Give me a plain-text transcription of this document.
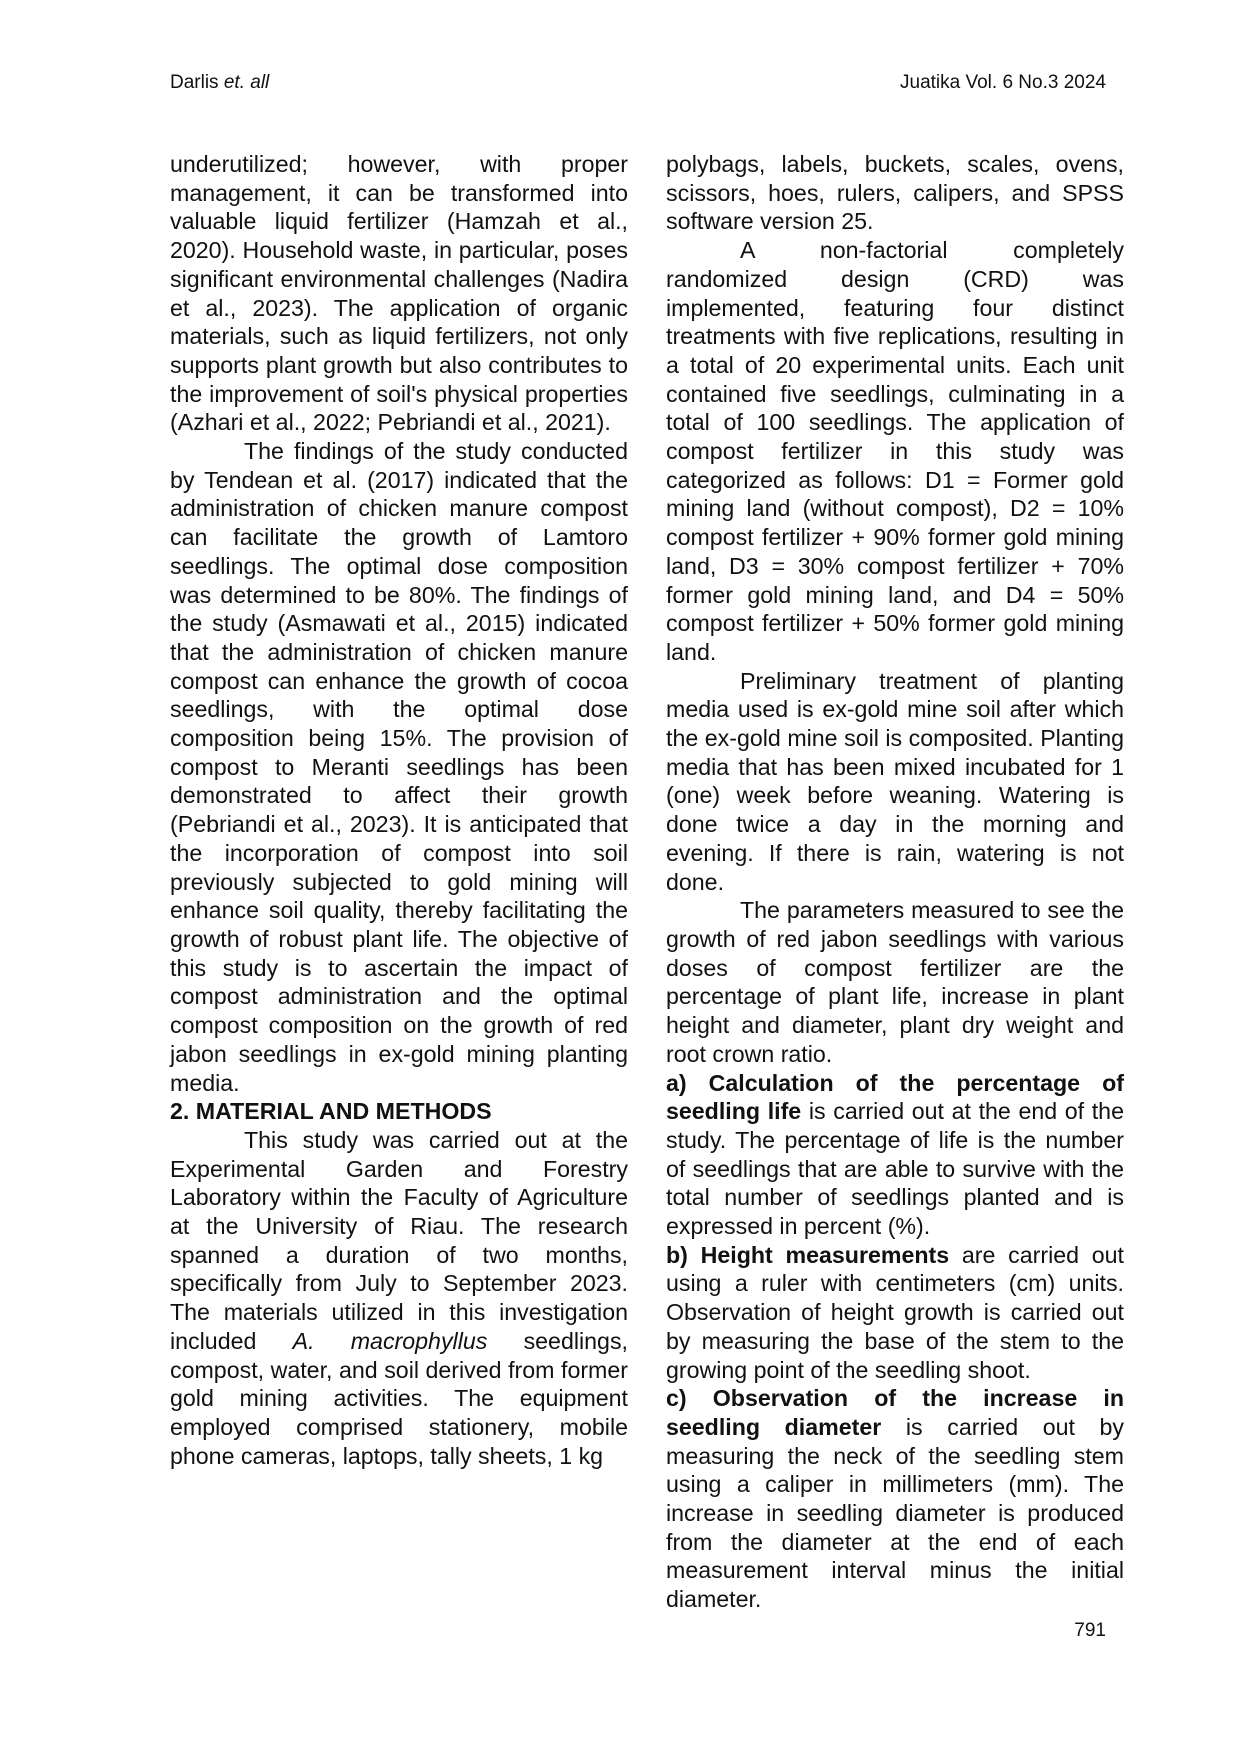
Darlis et. all	Juatika Vol. 6 No.3 2024

underutilized; however, with proper management, it can be transformed into valuable liquid fertilizer (Hamzah et al., 2020). Household waste, in particular, poses significant environmental challenges (Nadira et al., 2023). The application of organic materials, such as liquid fertilizers, not only supports plant growth but also contributes to the improvement of soil's physical properties (Azhari et al., 2022; Pebriandi et al., 2021).

The findings of the study conducted by Tendean et al. (2017) indicated that the administration of chicken manure compost can facilitate the growth of Lamtoro seedlings. The optimal dose composition was determined to be 80%. The findings of the study (Asmawati et al., 2015) indicated that the administration of chicken manure compost can enhance the growth of cocoa seedlings, with the optimal dose composition being 15%. The provision of compost to Meranti seedlings has been demonstrated to affect their growth (Pebriandi et al., 2023). It is anticipated that the incorporation of compost into soil previously subjected to gold mining will enhance soil quality, thereby facilitating the growth of robust plant life. The objective of this study is to ascertain the impact of compost administration and the optimal compost composition on the growth of red jabon seedlings in ex-gold mining planting media.

2. MATERIAL AND METHODS

This study was carried out at the Experimental Garden and Forestry Laboratory within the Faculty of Agriculture at the University of Riau. The research spanned a duration of two months, specifically from July to September 2023. The materials utilized in this investigation included A. macrophyllus seedlings, compost, water, and soil derived from former gold mining activities. The equipment employed comprised stationery, mobile phone cameras, laptops, tally sheets, 1 kg

polybags, labels, buckets, scales, ovens, scissors, hoes, rulers, calipers, and SPSS software version 25.

A non-factorial completely randomized design (CRD) was implemented, featuring four distinct treatments with five replications, resulting in a total of 20 experimental units. Each unit contained five seedlings, culminating in a total of 100 seedlings. The application of compost fertilizer in this study was categorized as follows: D1 = Former gold mining land (without compost), D2 = 10% compost fertilizer + 90% former gold mining land, D3 = 30% compost fertilizer + 70% former gold mining land, and D4 = 50% compost fertilizer + 50% former gold mining land.

Preliminary treatment of planting media used is ex-gold mine soil after which the ex-gold mine soil is composited. Planting media that has been mixed incubated for 1 (one) week before weaning. Watering is done twice a day in the morning and evening. If there is rain, watering is not done.

The parameters measured to see the growth of red jabon seedlings with various doses of compost fertilizer are the percentage of plant life, increase in plant height and diameter, plant dry weight and root crown ratio.

a) Calculation of the percentage of seedling life is carried out at the end of the study. The percentage of life is the number of seedlings that are able to survive with the total number of seedlings planted and is expressed in percent (%).

b) Height measurements are carried out using a ruler with centimeters (cm) units. Observation of height growth is carried out by measuring the base of the stem to the growing point of the seedling shoot.

c) Observation of the increase in seedling diameter is carried out by measuring the neck of the seedling stem using a caliper in millimeters (mm). The increase in seedling diameter is produced from the diameter at the end of each measurement interval minus the initial diameter.

791
